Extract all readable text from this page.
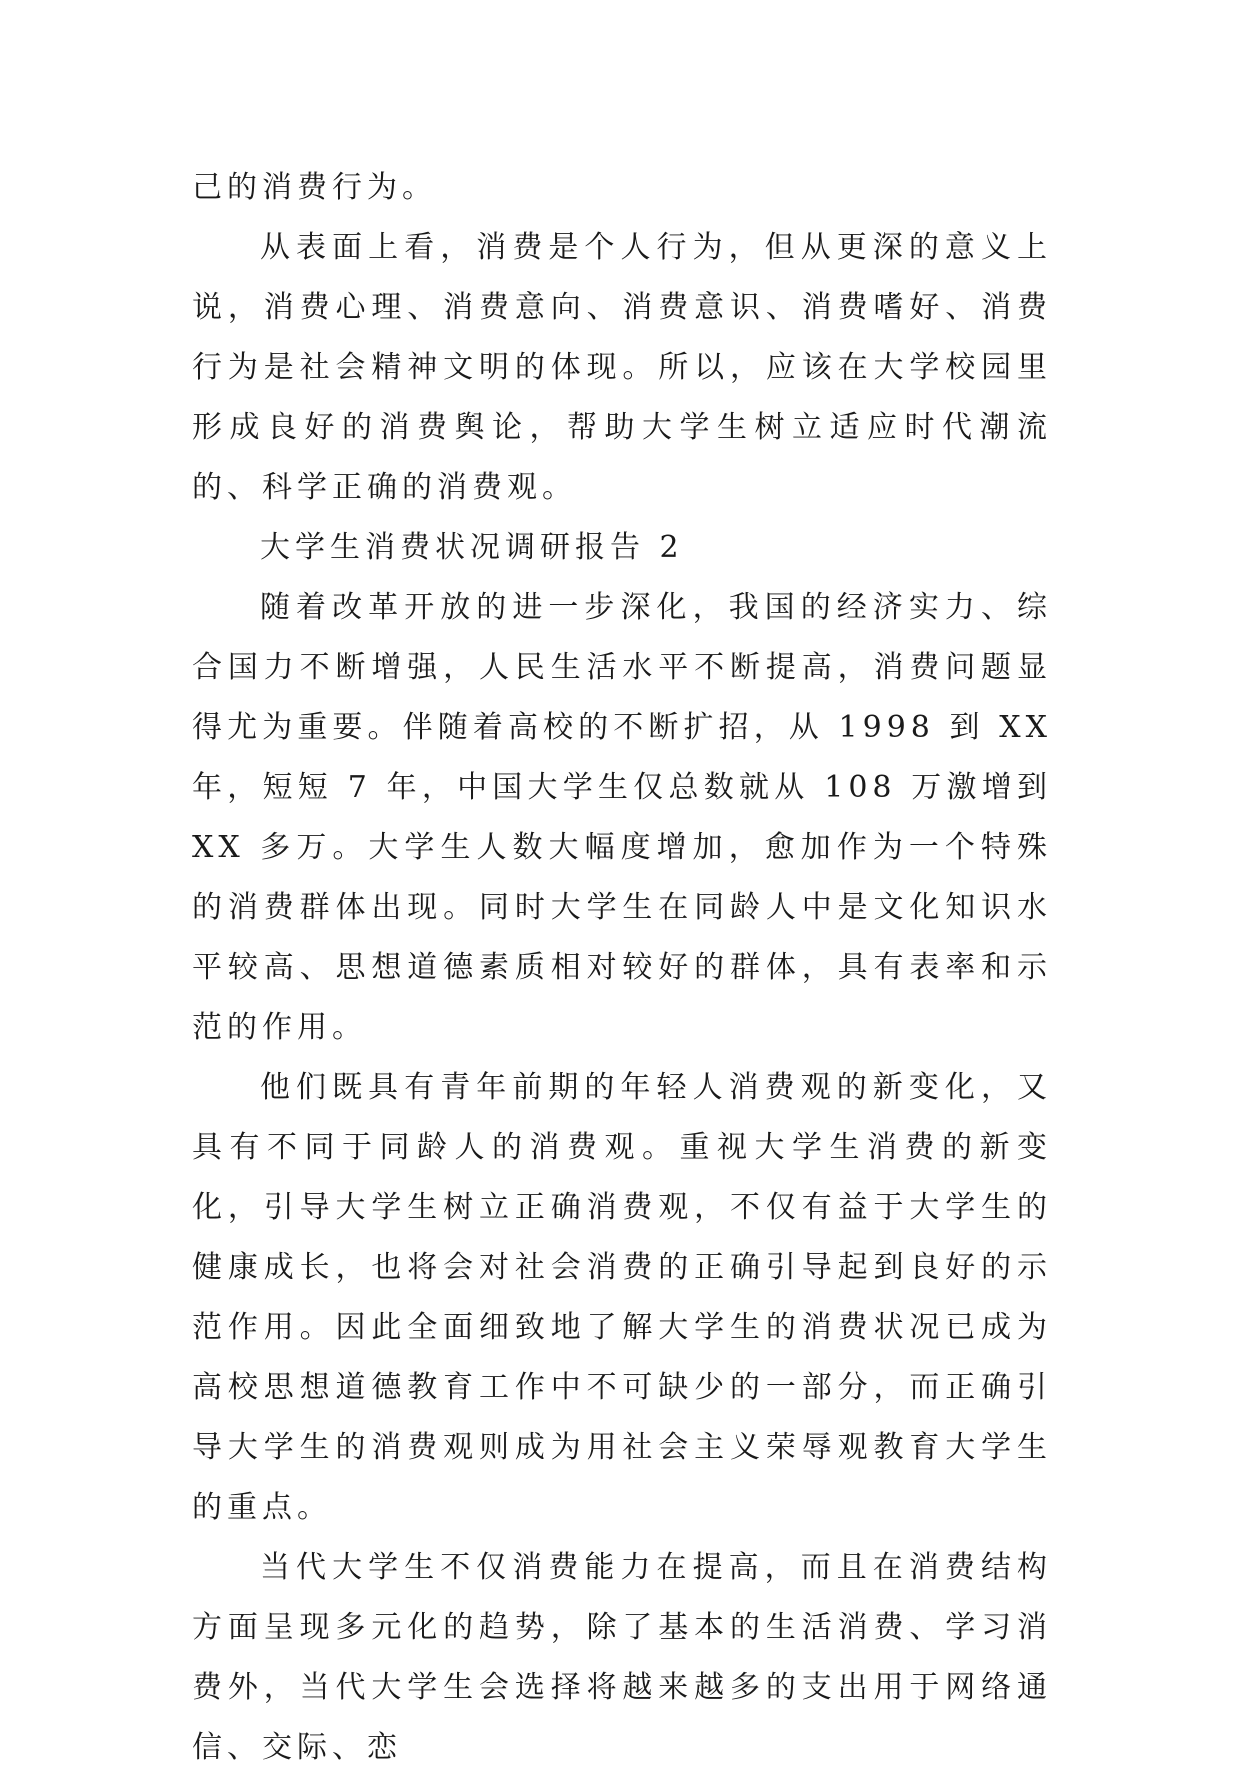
己的消费行为。

从表面上看，消费是个人行为，但从更深的意义上说，消费心理、消费意向、消费意识、消费嗜好、消费行为是社会精神文明的体现。所以，应该在大学校园里形成良好的消费舆论，帮助大学生树立适应时代潮流的、科学正确的消费观。

大学生消费状况调研报告 2

随着改革开放的进一步深化，我国的经济实力、综合国力不断增强，人民生活水平不断提高，消费问题显得尤为重要。伴随着高校的不断扩招，从 1998 到 XX 年，短短 7 年，中国大学生仅总数就从 108 万激增到 XX 多万。大学生人数大幅度增加，愈加作为一个特殊的消费群体出现。同时大学生在同龄人中是文化知识水平较高、思想道德素质相对较好的群体，具有表率和示范的作用。

他们既具有青年前期的年轻人消费观的新变化，又具有不同于同龄人的消费观。重视大学生消费的新变化，引导大学生树立正确消费观，不仅有益于大学生的健康成长，也将会对社会消费的正确引导起到良好的示范作用。因此全面细致地了解大学生的消费状况已成为高校思想道德教育工作中不可缺少的一部分，而正确引导大学生的消费观则成为用社会主义荣辱观教育大学生的重点。

当代大学生不仅消费能力在提高，而且在消费结构方面呈现多元化的趋势，除了基本的生活消费、学习消费外，当代大学生会选择将越来越多的支出用于网络通信、交际、恋
